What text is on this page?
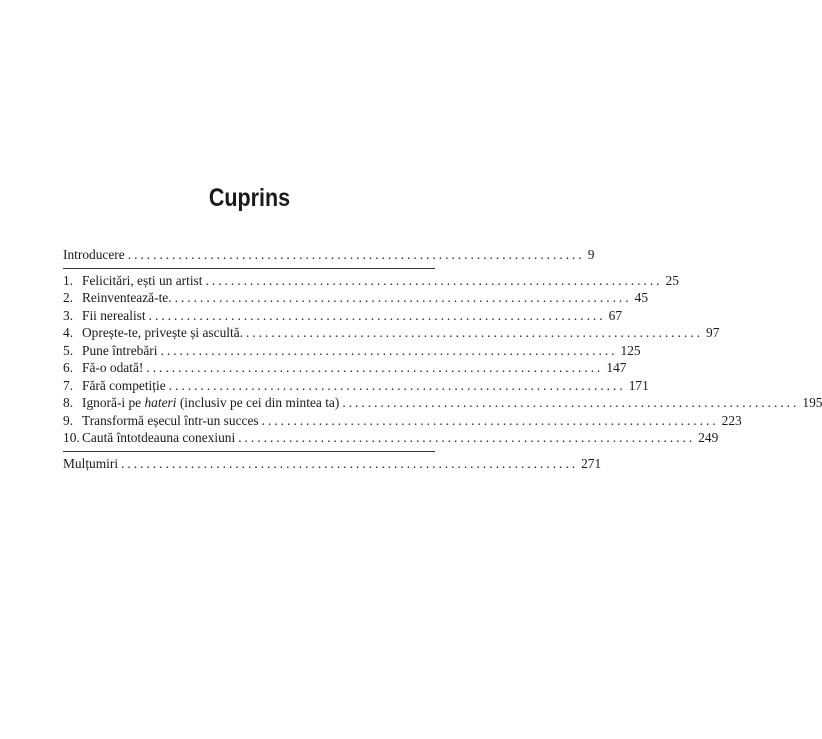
Cuprins
Introducere ........................................................................ 9
1. Felicitări, ești un artist ........................................................................ 25
2. Reinventează-te. ........................................................................ 45
3. Fii nerealist ........................................................................ 67
4. Oprește-te, privește și ascultă. ........................................................................ 97
5. Pune întrebări ........................................................................ 125
6. Fă-o odată! ........................................................................ 147
7. Fără competiție ........................................................................ 171
8. Ignoră-i pe hateri (inclusiv pe cei din mintea ta) ........................................................................ 195
9. Transformă eșecul într-un succes ........................................................................ 223
10. Caută întotdeauna conexiuni ........................................................................ 249
Mulțumiri ........................................................................ 271
